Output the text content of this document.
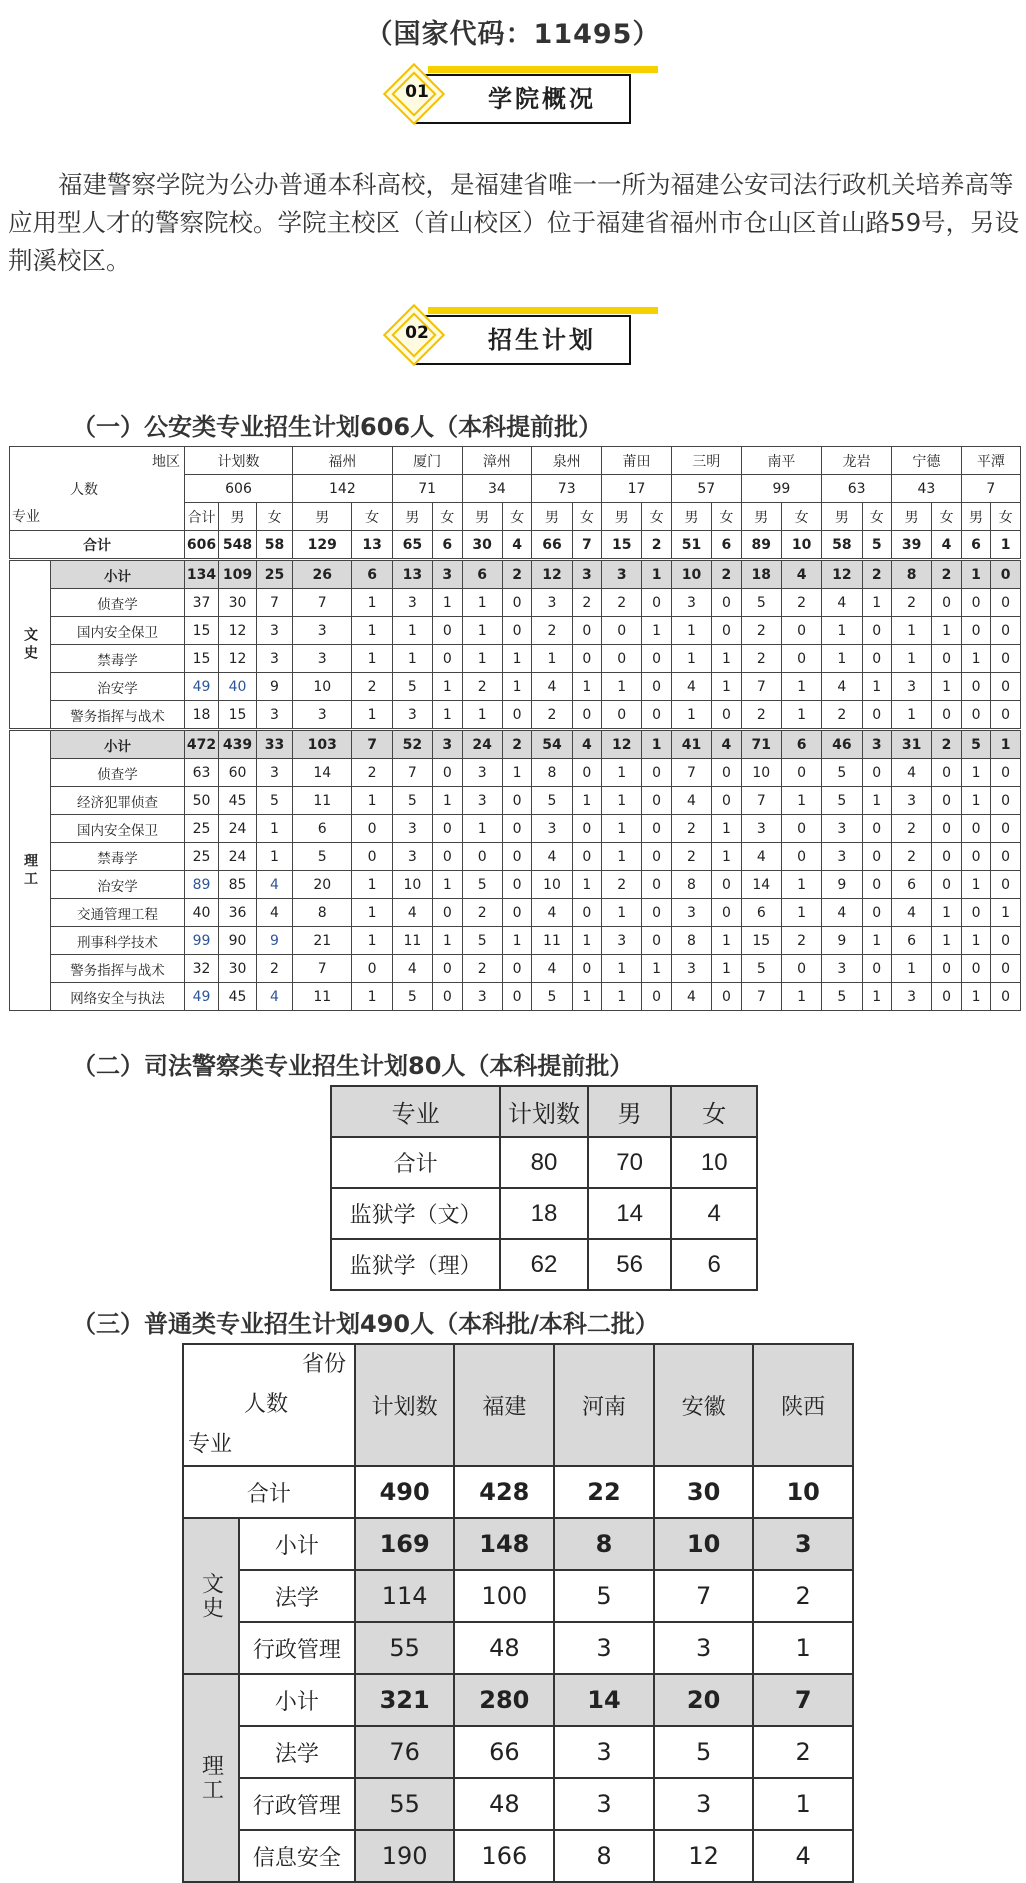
（国家代码：11495）
学院概况
01
福建警察学院为公办普通本科高校，是福建省唯一一所为福建公安司法行政机关培养高等应用型人才的警察院校。学院主校区（首山校区）位于福建省福州市仓山区首山路59号，另设荆溪校区。
招生计划
02
（一）公安类专业招生计划606人（本科提前批）
地区		计划数			福州		厦门		漳州		泉州		莆田		三明		南平		龙岩		宁德		平潭	
人数		606			142		71		34		73		17		57		99		63		43		7	
专业		合计	男	女	男	女	男	女	男	女	男	女	男	女	男	女	男	女	男	女	男	女	男	女
合计		606	548	58	129	13	65	6	30	4	66	7	15	2	51	6	89	10	58	5	39	4	6	1
文史	小计	134	109	25	26	6	13	3	6	2	12	3	3	1	10	2	18	4	12	2	8	2	1	0
	侦查学	37	30	7	7	1	3	1	1	0	3	2	2	0	3	0	5	2	4	1	2	0	0	0
	国内安全保卫	15	12	3	3	1	1	0	1	0	2	0	0	1	1	0	2	0	1	0	1	1	0	0
	禁毒学	15	12	3	3	1	1	0	1	1	1	0	0	0	1	1	2	0	1	0	1	0	1	0
	治安学	49	40	9	10	2	5	1	2	1	4	1	1	0	4	1	7	1	4	1	3	1	0	0
	警务指挥与战术	18	15	3	3	1	3	1	1	0	2	0	0	0	1	0	2	1	2	0	1	0	0	0
理工	小计	472	439	33	103	7	52	3	24	2	54	4	12	1	41	4	71	6	46	3	31	2	5	1
	侦查学	63	60	3	14	2	7	0	3	1	8	0	1	0	7	0	10	0	5	0	4	0	1	0
	经济犯罪侦查	50	45	5	11	1	5	1	3	0	5	1	1	0	4	0	7	1	5	1	3	0	1	0
	国内安全保卫	25	24	1	6	0	3	0	1	0	3	0	1	0	2	1	3	0	3	0	2	0	0	0
	禁毒学	25	24	1	5	0	3	0	0	0	4	0	1	0	2	1	4	0	3	0	2	0	0	0
	治安学	89	85	4	20	1	10	1	5	0	10	1	2	0	8	0	14	1	9	0	6	0	1	0
	交通管理工程	40	36	4	8	1	4	0	2	0	4	0	1	0	3	0	6	1	4	0	4	1	0	1
	刑事科学技术	99	90	9	21	1	11	1	5	1	11	1	3	0	8	1	15	2	9	1	6	1	1	0
	警务指挥与战术	32	30	2	7	0	4	0	2	0	4	0	1	1	3	1	5	0	3	0	1	0	0	0
	网络安全与执法	49	45	4	11	1	5	0	3	0	5	1	1	0	4	0	7	1	5	1	3	0	1	0
（二）司法警察类专业招生计划80人（本科提前批）
专业	计划数	男	女
合计	80	70	10
监狱学（文）	18	14	4
监狱学（理）	62	56	6
（三）普通类专业招生计划490人（本科批/本科二批）
省份
人数
专业		计划数	福建	河南	安徽	陕西
合计		490	428	22	30	10
文史	小计	169	148	8	10	3
	法学	114	100	5	7	2
	行政管理	55	48	3	3	1
理工	小计	321	280	14	20	7
	法学	76	66	3	5	2
	行政管理	55	48	3	3	1
	信息安全	190	166	8	12	4
